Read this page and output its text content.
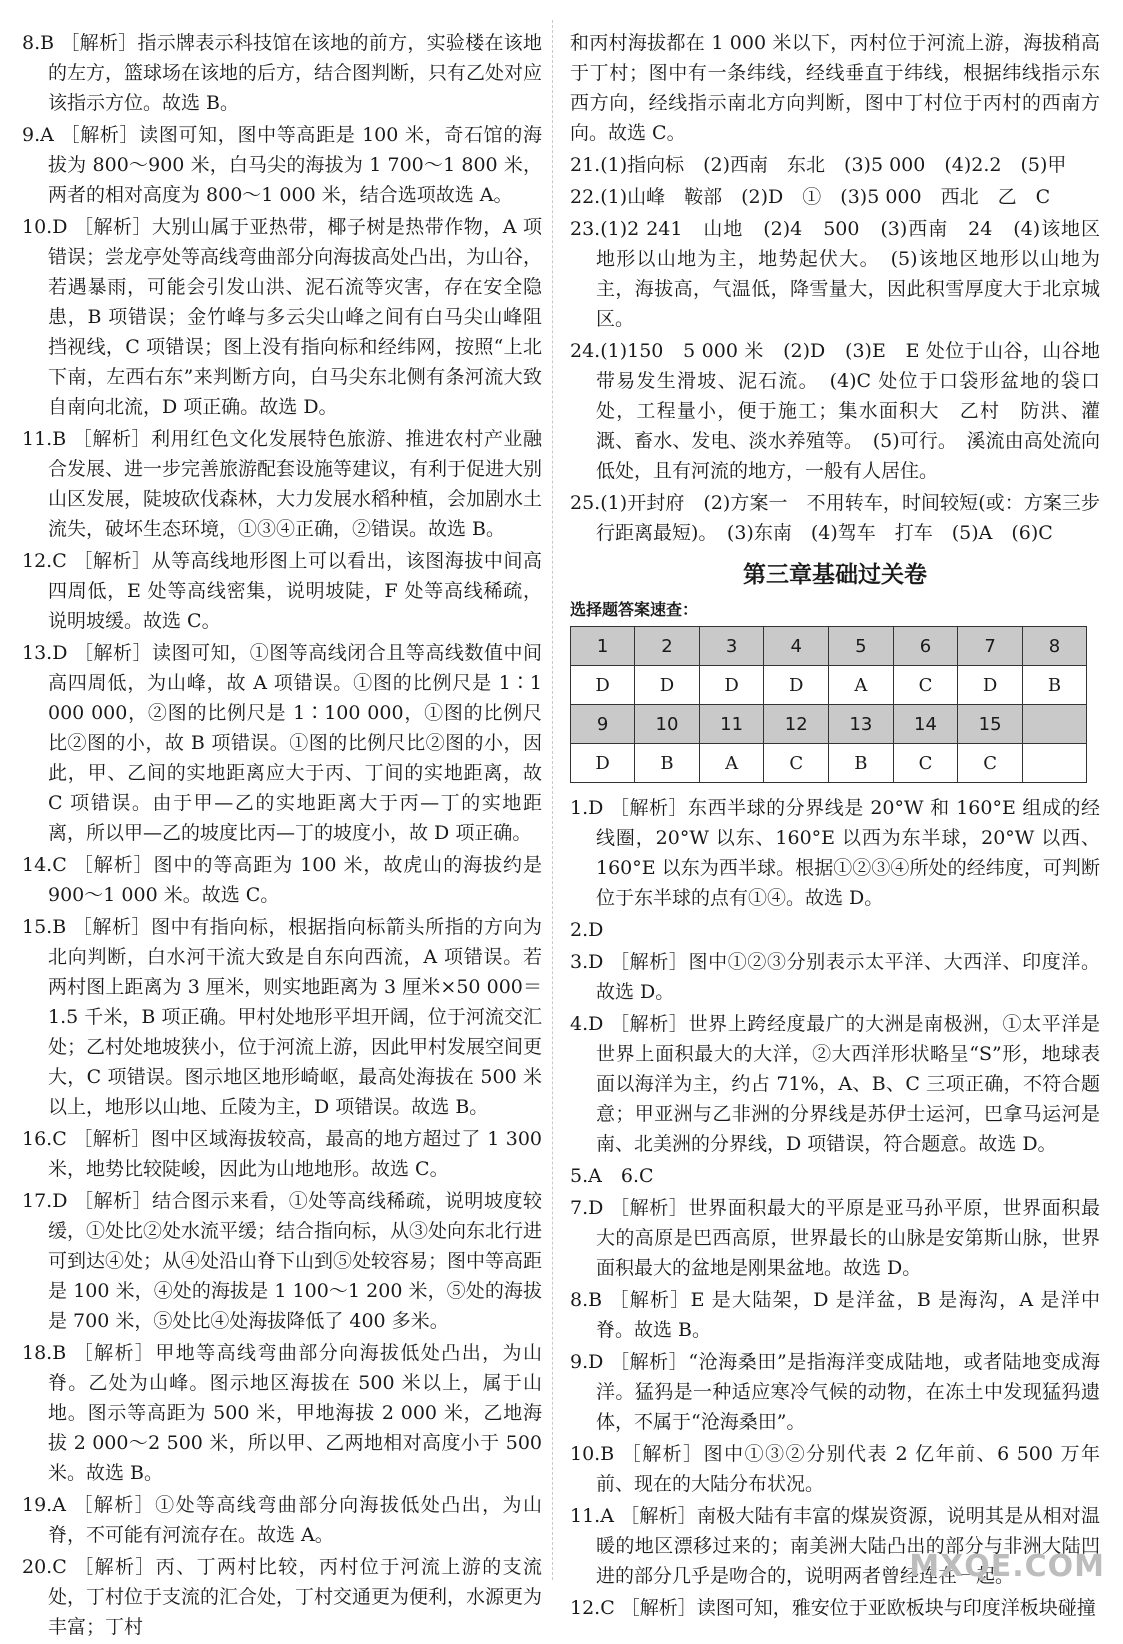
8.B ［解析］指示牌表示科技馆在该地的前方，实验楼在该地的左方，篮球场在该地的后方，结合图判断，只有乙处对应该指示方位。故选 B。

9.A ［解析］读图可知，图中等高距是 100 米，奇石馆的海拔为 800～900 米，白马尖的海拔为 1 700～1 800 米，两者的相对高度为 800～1 000 米，结合选项故选 A。

10.D ［解析］大别山属于亚热带，椰子树是热带作物，A 项错误；尝龙亭处等高线弯曲部分向海拔高处凸出，为山谷，若遇暴雨，可能会引发山洪、泥石流等灾害，存在安全隐患，B 项错误；金竹峰与多云尖山峰之间有白马尖山峰阻挡视线，C 项错误；图上没有指向标和经纬网，按照“上北下南，左西右东”来判断方向，白马尖东北侧有条河流大致自南向北流，D 项正确。故选 D。

11.B ［解析］利用红色文化发展特色旅游、推进农村产业融合发展、进一步完善旅游配套设施等建议，有利于促进大别山区发展，陡坡砍伐森林，大力发展水稻种植，会加剧水土流失，破坏生态环境，①③④正确，②错误。故选 B。

12.C ［解析］从等高线地形图上可以看出，该图海拔中间高四周低，E 处等高线密集，说明坡陡，F 处等高线稀疏，说明坡缓。故选 C。

13.D ［解析］读图可知，①图等高线闭合且等高线数值中间高四周低，为山峰，故 A 项错误。①图的比例尺是 1∶1 000 000，②图的比例尺是 1∶100 000，①图的比例尺比②图的小，故 B 项错误。①图的比例尺比②图的小，因此，甲、乙间的实地距离应大于丙、丁间的实地距离，故 C 项错误。由于甲—乙的实地距离大于丙—丁的实地距离，所以甲—乙的坡度比丙—丁的坡度小，故 D 项正确。

14.C ［解析］图中的等高距为 100 米，故虎山的海拔约是 900～1 000 米。故选 C。

15.B ［解析］图中有指向标，根据指向标箭头所指的方向为北向判断，白水河干流大致是自东向西流，A 项错误。若两村图上距离为 3 厘米，则实地距离为 3 厘米×50 000＝1.5 千米，B 项正确。甲村处地形平坦开阔，位于河流交汇处；乙村处地坡狭小，位于河流上游，因此甲村发展空间更大，C 项错误。图示地区地形崎岖，最高处海拔在 500 米以上，地形以山地、丘陵为主，D 项错误。故选 B。

16.C ［解析］图中区域海拔较高，最高的地方超过了 1 300 米，地势比较陡峻，因此为山地地形。故选 C。

17.D ［解析］结合图示来看，①处等高线稀疏，说明坡度较缓，①处比②处水流平缓；结合指向标，从③处向东北行进可到达④处；从④处沿山脊下山到⑤处较容易；图中等高距是 100 米，④处的海拔是 1 100～1 200 米，⑤处的海拔是 700 米，⑤处比④处海拔降低了 400 多米。

18.B ［解析］甲地等高线弯曲部分向海拔低处凸出，为山脊。乙处为山峰。图示地区海拔在 500 米以上，属于山地。图示等高距为 500 米，甲地海拔 2 000 米，乙地海拔 2 000～2 500 米，所以甲、乙两地相对高度小于 500 米。故选 B。

19.A ［解析］①处等高线弯曲部分向海拔低处凸出，为山脊，不可能有河流存在。故选 A。

20.C ［解析］丙、丁两村比较，丙村位于河流上游的支流处，丁村位于支流的汇合处，丁村交通更为便利，水源更为丰富；丁村

和丙村海拔都在 1 000 米以下，丙村位于河流上游，海拔稍高于丁村；图中有一条纬线，经线垂直于纬线，根据纬线指示东西方向，经线指示南北方向判断，图中丁村位于丙村的西南方向。故选 C。

21.(1)指向标　(2)西南　东北　(3)5 000　(4)2.2　(5)甲

22.(1)山峰　鞍部　(2)D　①　(3)5 000　西北　乙　C

23.(1)2 241　山地　(2)4　500　(3)西南　24　(4)该地区地形以山地为主，地势起伏大。　(5)该地区地形以山地为主，海拔高，气温低，降雪量大，因此积雪厚度大于北京城区。

24.(1)150　5 000 米　(2)D　(3)E　E 处位于山谷，山谷地带易发生滑坡、泥石流。　(4)C 处位于口袋形盆地的袋口处，工程量小，便于施工；集水面积大　乙村　防洪、灌溉、畜水、发电、淡水养殖等。　(5)可行。　溪流由高处流向低处，且有河流的地方，一般有人居住。

25.(1)开封府　(2)方案一　不用转车，时间较短(或：方案三步行距离最短)。　(3)东南　(4)驾车　打车　(5)A　(6)C

第三章基础过关卷
选择题答案速查：
1	2	3	4	5	6	7	8
D	D	D	D	A	C	D	B
9	10	11	12	13	14	15	
D	B	A	C	B	C	C	

1.D ［解析］东西半球的分界线是 20°W 和 160°E 组成的经线圈，20°W 以东、160°E 以西为东半球，20°W 以西、160°E 以东为西半球。根据①②③④所处的经纬度，可判断位于东半球的点有①④。故选 D。

2.D

3.D ［解析］图中①②③分别表示太平洋、大西洋、印度洋。故选 D。

4.D ［解析］世界上跨经度最广的大洲是南极洲，①太平洋是世界上面积最大的大洋，②大西洋形状略呈“S”形，地球表面以海洋为主，约占 71%，A、B、C 三项正确，不符合题意；甲亚洲与乙非洲的分界线是苏伊士运河，巴拿马运河是南、北美洲的分界线，D 项错误，符合题意。故选 D。

5.A　6.C

7.D ［解析］世界面积最大的平原是亚马孙平原，世界面积最大的高原是巴西高原，世界最长的山脉是安第斯山脉，世界面积最大的盆地是刚果盆地。故选 D。

8.B ［解析］E 是大陆架，D 是洋盆，B 是海沟，A 是洋中脊。故选 B。

9.D ［解析］“沧海桑田”是指海洋变成陆地，或者陆地变成海洋。猛犸是一种适应寒冷气候的动物，在冻土中发现猛犸遗体，不属于“沧海桑田”。

10.B ［解析］图中①③②分别代表 2 亿年前、6 500 万年前、现在的大陆分布状况。

11.A ［解析］南极大陆有丰富的煤炭资源，说明其是从相对温暖的地区漂移过来的；南美洲大陆凸出的部分与非洲大陆凹进的部分几乎是吻合的，说明两者曾经连在一起。

12.C ［解析］读图可知，雅安位于亚欧板块与印度洋板块碰撞

MXQE.COM
